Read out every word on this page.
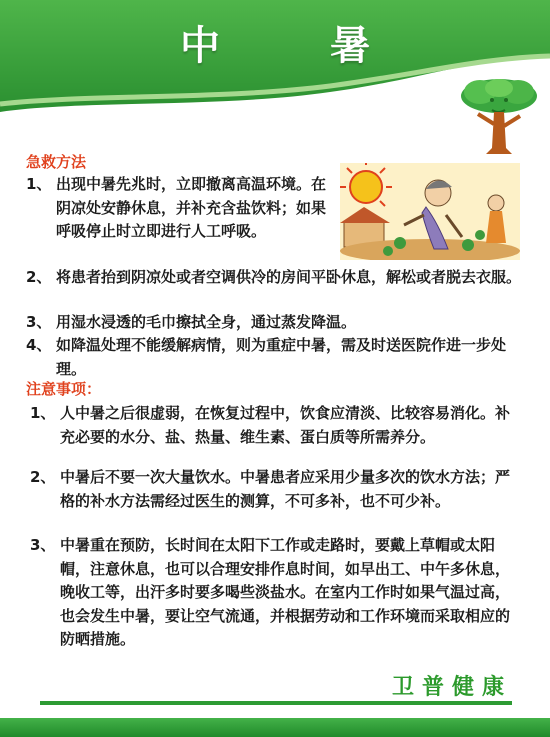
中 暑
急救方法
1、 出现中暑先兆时，立即撤离高温环境。在阴凉处安静休息，并补充含盐饮料；如果呼吸停止时立即进行人工呼吸。
2、 将患者抬到阴凉处或者空调供冷的房间平卧休息，解松或者脱去衣服。
3、 用湿水浸透的毛巾擦拭全身，通过蒸发降温。
4、 如降温处理不能缓解病情，则为重症中暑，需及时送医院作进一步处理。
注意事项：
1、 人中暑之后很虚弱，在恢复过程中，饮食应清淡、比较容易消化。补充必要的水分、盐、热量、维生素、蛋白质等所需养分。
2、 中暑后不要一次大量饮水。中暑患者应采用少量多次的饮水方法；严格的补水方法需经过医生的测算，不可多补，也不可少补。
3、 中暑重在预防，长时间在太阳下工作或走路时，要戴上草帽或太阳帽，注意休息，也可以合理安排作息时间，如早出工、中午多休息，晚收工等，出汗多时要多喝些淡盐水。在室内工作时如果气温过高，也会发生中暑，要让空气流通，并根据劳动和工作环境而采取相应的防晒措施。
卫普健康
